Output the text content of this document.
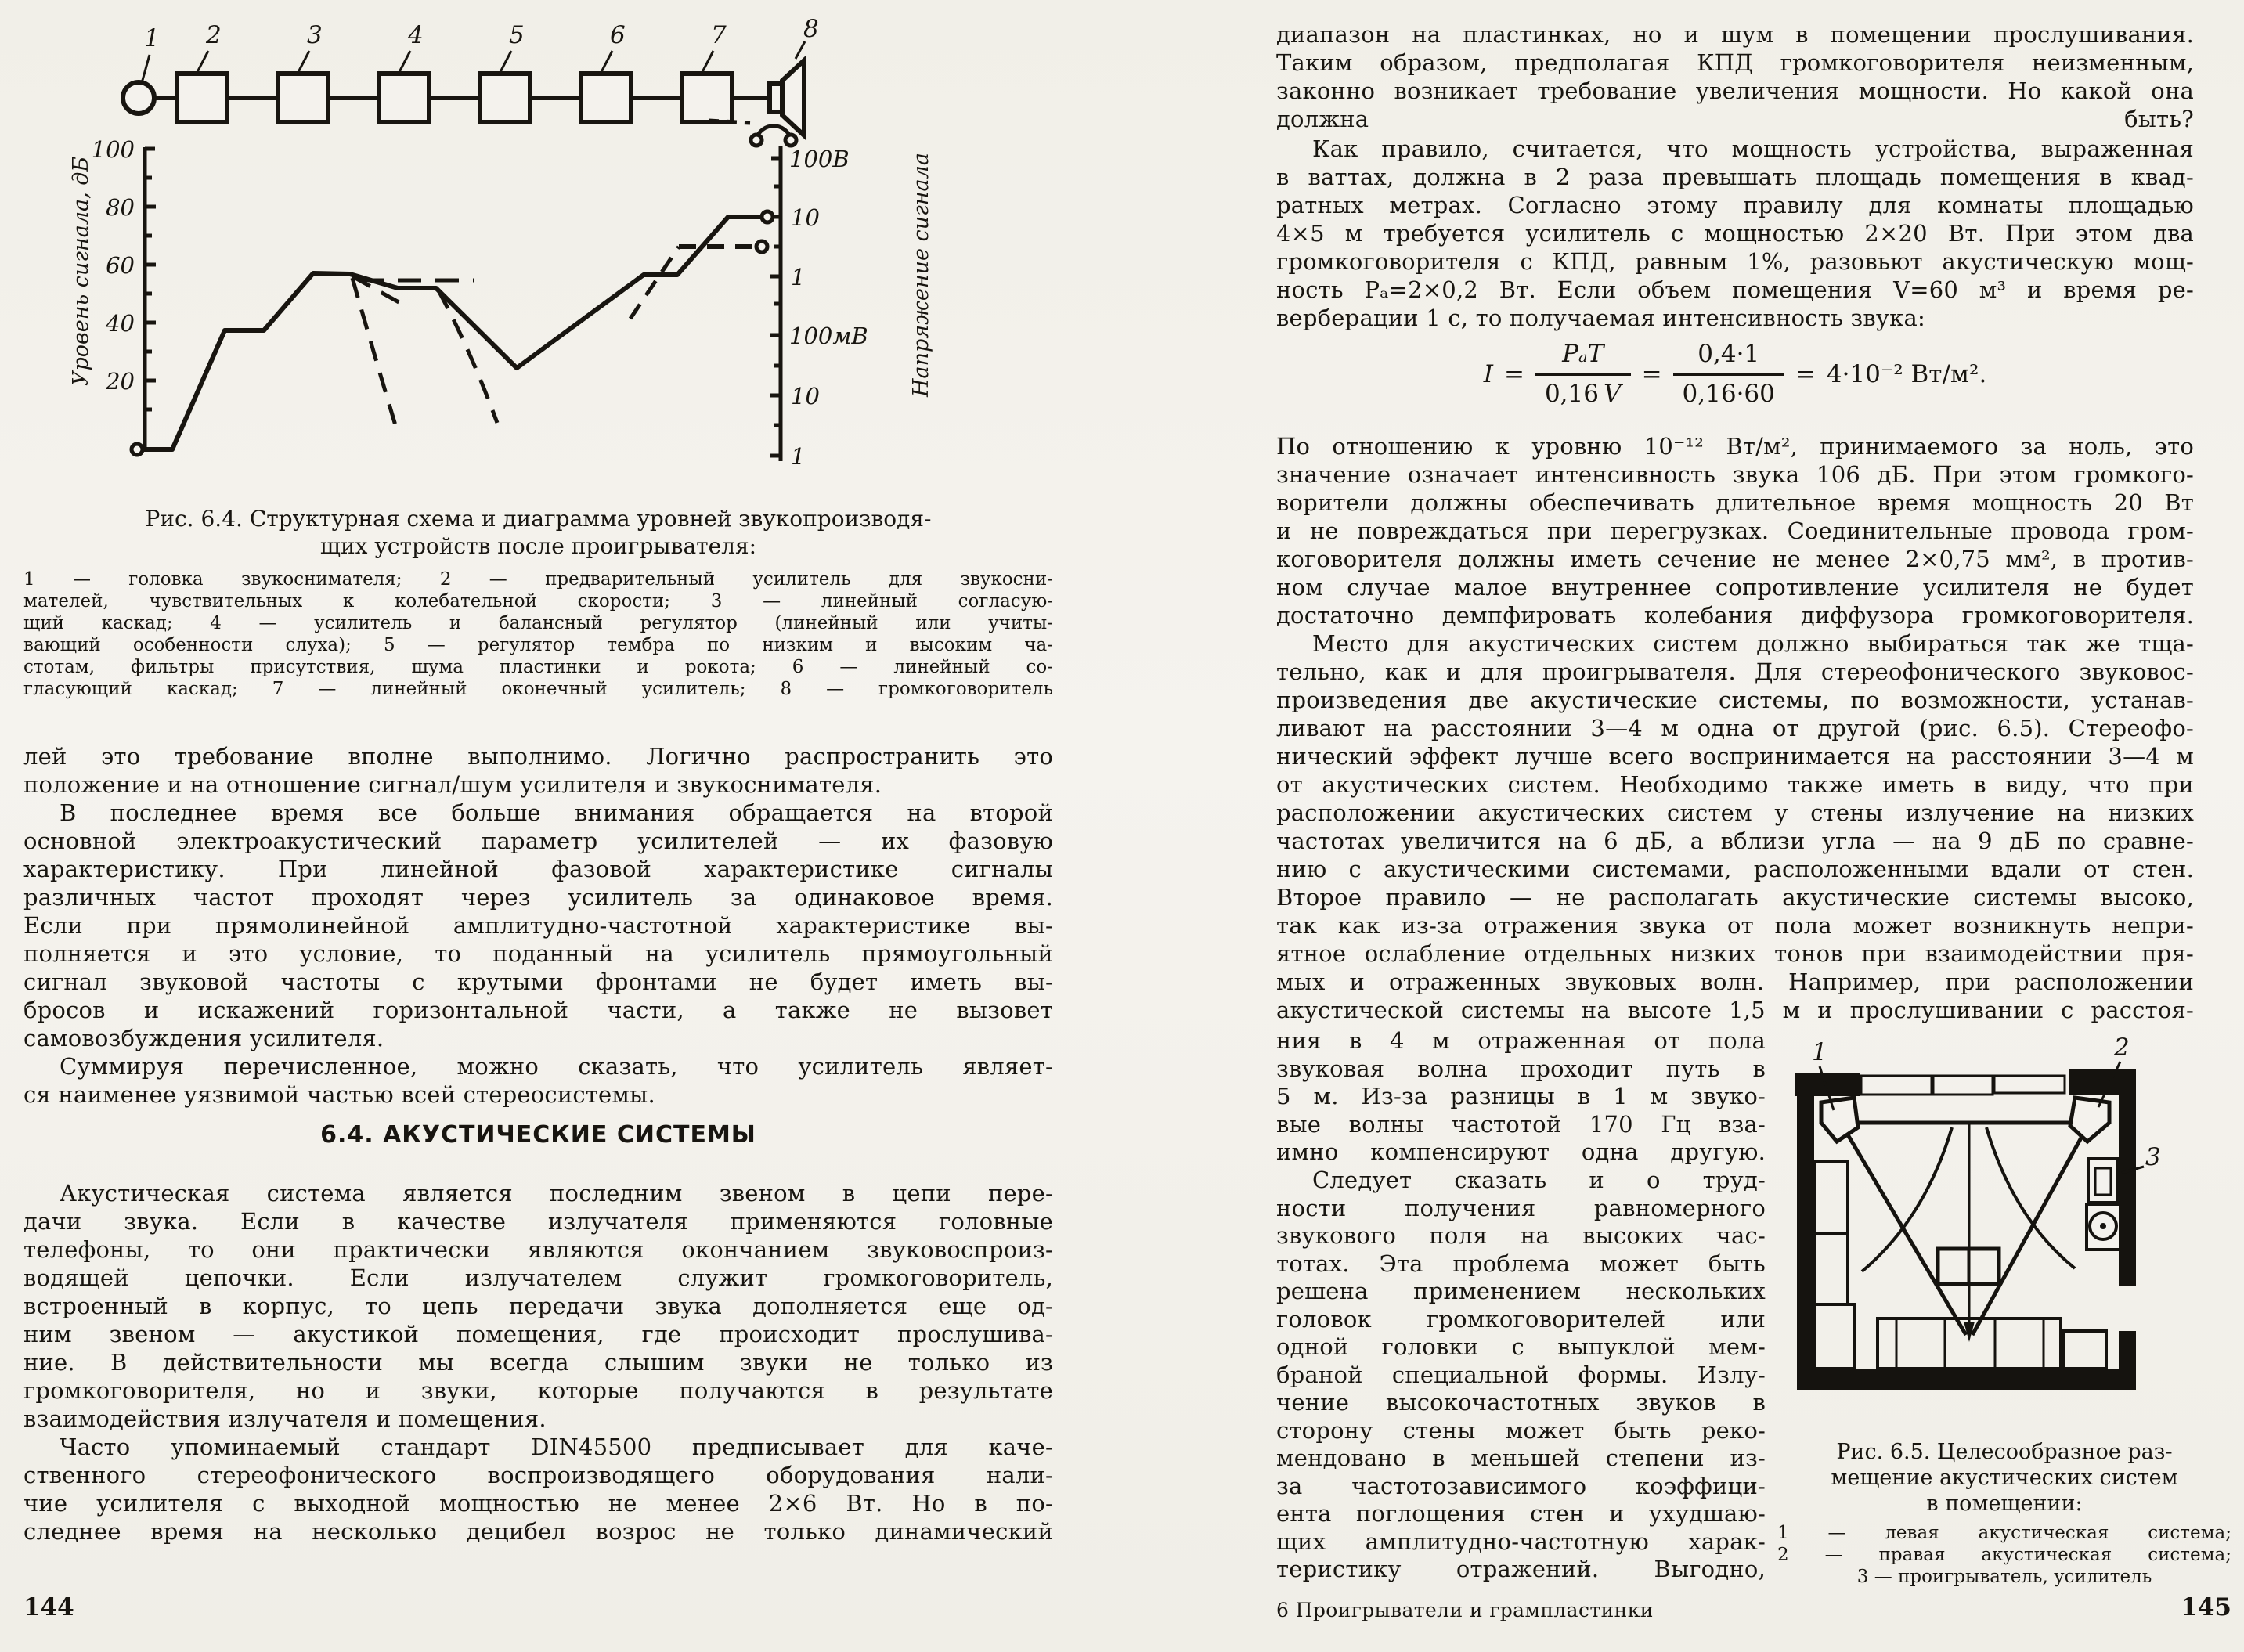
1 2	3	4	5	6	7	8
100
80
60
40
20
Уровень сигнала, дБ	100В
10
1
100мВ
10
1
Напряжение сигнала
Рис. 6.4. Структурная схема и диаграмма уровней звукопроизводя-
щих устройств после проигрывателя:
1 — головка звукоснимателя; 2 — предварительный усилитель для звукосни-
мателей, чувствительных к колебательной скорости; 3 — линейный согласую-
щий каскад; 4 — усилитель и балансный регулятор (линейный или учиты-
вающий особенности слуха); 5 — регулятор тембра по низким и высоким ча-
стотам, фильтры присутствия, шума пластинки и рокота; 6 — линейный со-
гласующий каскад; 7 — линейный оконечный усилитель; 8 — громкоговоритель
лей это требование вполне выполнимо. Логично распространить это
положение и на отношение сигнал/шум усилителя и звукоснимателя.
В последнее время все больше внимания обращается на второй
основной электроакустический параметр усилителей — их фазовую
характеристику. При линейной фазовой характеристике сигналы
различных частот проходят через усилитель за одинаковое время.
Если при прямолинейной амплитудно-частотной характеристике вы-
полняется и это условие, то поданный на усилитель прямоугольный
сигнал звуковой частоты с крутыми фронтами не будет иметь вы-
бросов и искажений горизонтальной части, а также не вызовет
самовозбуждения усилителя.
Суммируя перечисленное, можно сказать, что усилитель являет-
ся наименее уязвимой частью всей стереосистемы.
6.4. АКУСТИЧЕСКИЕ СИСТЕМЫ
Акустическая система является последним звеном в цепи пере-
дачи звука. Если в качестве излучателя применяются головные
телефоны, то они практически являются окончанием звуковоспроиз-
водящей цепочки. Если излучателем служит громкоговоритель,
встроенный в корпус, то цепь передачи звука дополняется еще од-
ним звеном — акустикой помещения, где происходит прослушива-
ние. В действительности мы всегда слышим звуки не только из
громкоговорителя, но и звуки, которые получаются в результате
взаимодействия излучателя и помещения.
Часто упоминаемый стандарт DIN45500 предписывает для каче-
ственного стереофонического воспроизводящего оборудования нали-
чие усилителя с выходной мощностью не менее 2×6 Вт. Но в по-
следнее время на несколько децибел возрос не только динамический
144
диапазон на пластинках, но и шум в помещении прослушивания.
Таким образом, предполагая КПД громкоговорителя неизменным,
законно возникает требование увеличения мощности. Но какой она
должна быть?
Как правило, считается, что мощность устройства, выраженная
в ваттах, должна в 2 раза превышать площадь помещения в квад-
ратных метрах. Согласно этому правилу для комнаты площадью
4×5 м требуется усилитель с мощностью 2×20 Вт. При этом два
громкоговорителя с КПД, равным 1%, разовьют акустическую мощ-
ность Pₐ=2×0,2 Вт. Если объем помещения V=60 м³ и время ре-
верберации 1 с, то получаемая интенсивность звука:
$I = \frac{\text{PₐT}}{0,16 V} = \frac{0,4\cdot 1}{0,16\cdot 60} = 4\cdot 10^{-2}$ Вт/м².
По отношению к уровню 10⁻¹² Вт/м², принимаемого за ноль, это
значение означает интенсивность звука 106 дБ. При этом громкого-
ворители должны обеспечивать длительное время мощность 20 Вт
и не повреждаться при перегрузках. Соединительные провода гром-
коговорителя должны иметь сечение не менее 2×0,75 мм², в против-
ном случае малое внутреннее сопротивление усилителя не будет
достаточно демпфировать колебания диффузора громкоговорителя.
Место для акустических систем должно выбираться так же тща-
тельно, как и для проигрывателя. Для стереофонического звуковос-
произведения две акустические системы, по возможности, устанав-
ливают на расстоянии 3—4 м одна от другой (рис. 6.5). Стереофо-
нический эффект лучше всего воспринимается на расстоянии 3—4 м
от акустических систем. Необходимо также иметь в виду, что при
расположении акустических систем у стены излучение на низких
частотах увеличится на 6 дБ, а вблизи угла — на 9 дБ по сравне-
нию с акустическими системами, расположенными вдали от стен.
Второе правило — не располагать акустические системы высоко,
так как из-за отражения звука от пола может возникнуть непри-
ятное ослабление отдельных низких тонов при взаимодействии пря-
мых и отраженных звуковых волн. Например, при расположении
акустической системы на высоте 1,5 м и прослушивании с расстоя-
ния в 4 м отраженная от пола
звуковая волна проходит путь в
5 м. Из-за разницы в 1 м звуко-
вые волны частотой 170 Гц вза-
имно компенсируют одна другую.
Следует сказать и о труд-
ности получения равномерного
звукового поля на высоких час-
тотах. Эта проблема может быть
решена применением нескольких
головок громкоговорителей или
одной головки с выпуклой мем-
браной специальной формы. Излу-
чение высокочастотных звуков в
сторону стены может быть реко-
мендовано в меньшей степени из-
за частотозависимого коэффици-
ента поглощения стен и ухудшаю-
щих амплитудно-частотную харак-
теристику отражений. Выгодно,
1	2
3
Рис. 6.5. Целесообразное раз-
мещение акустических систем
в помещении:
1 — левая акустическая система;
2 — правая акустическая система;
3 — проигрыватель, усилитель
6 Проигрыватели и грампластинки	145
